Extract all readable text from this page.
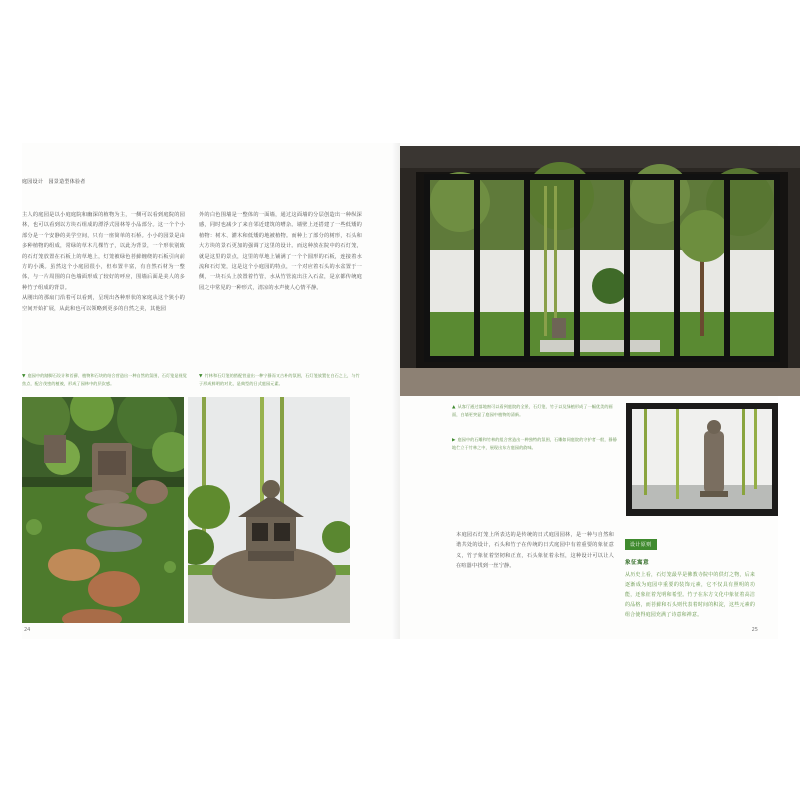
庭园设计　园景造型体验者
主人的庭园是以小庭庭院和幽深的植物为主，一侧可以看到庭院的园林，也可以看到以方块石组成的漂浮式园林等小品部分。这一个个小部分是一个安静的美学空间，只有一座简单的石桥。小小的园景是由多种植物的组成，常绿的草木几棵竹子，以此为背景，一个形状别致的石灯笼放置在石板上的草地上，灯笼被绿色苔藓缠绕的石板引向前方的小溪。虽然这个小庭园很小，但布置丰富，有自然石材为一整体，与一片周围的白色墙面形成了较好的呼应，围墙后面是美人的多种竹子组成的背景。
从刚出的那扇门沿着可以看到，呈现出各种形状的家庭从这个狭小的空间开始扩展，从此和也可以领略到更多的自然之美，其他园
外的白色围墙是一整体的一面墙，通过这面墙的分层创造出一种纵深感，同时也减少了来自邻近建筑的嘈杂。墙壁上还搭建了一些低矮的植物：树木、灌木和低矮的地被植物。而种上了部分的树形，石头和大方块的景石更加的强调了这里的设计。而这种放在院中的石灯笼，就是这里的景点，这里的草地上铺满了一个个圆形的石板，连接着水流和石灯笼，这是这个小庭园的特点，一个对应着石头的水盆置于一侧，一块石头上放置着竹管，水从竹管流出注入石盆，是京都传统庭园之中常见的一种形式，清凉的水声使人心情平静。
▼ 庭园中的踏脚石设计和苔藓、植物和石块的结合营造出一种自然的氛围，石灯笼是视觉焦点，配合茂密的植被，形成了园林中的层次感。
▼ 竹林和石灯笼的搭配营造出一种宁静而又古朴的氛围，石灯笼放置在白石之上，与竹子形成鲜明的对比，是典型的日式庭园元素。
24
▲ 从客厅通过落地窗可以看到庭院的全景，石灯笼、竹子以及绿植形成了一幅优美的画面，白墙更突显了庭园中植物的清新。
▶ 庭园中的石雕和竹林的组合营造出一种独特的氛围，石雕如同庭院的守护者一般，静静地伫立于竹林之中，展现出东方庭园的韵味。
本庭园石灯笼上所表达的是传统的日式庭园园林，是一种与自然和谐共处的设计，石头和竹子在传统的日式庭园中有着重要的象征意义，竹子象征着坚韧和正直，石头象征着永恒，这种设计可以让人在喧嚣中找到一丝宁静。
设计原则
象征寓意
从历史上看，石灯笼最早是佛教寺院中的供灯之物，后来逐渐成为庭园中重要的装饰元素，它不仅具有照明的功能，还象征着光明和希望。竹子在东方文化中象征着高洁的品格，而苔藓和石头则代表着时间的积淀，这些元素的组合使得庭园充满了诗意和禅意。
25
